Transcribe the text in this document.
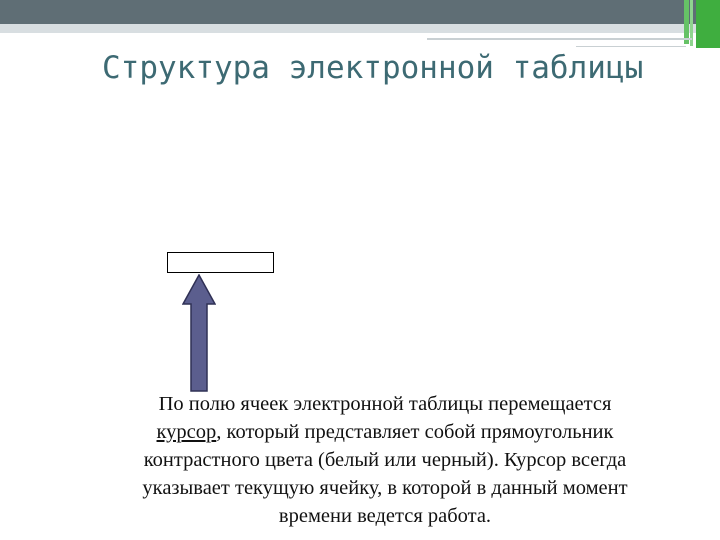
Структура электронной таблицы

По полю ячеек электронной таблицы перемещается
курсор, который представляет собой прямоугольник
контрастного цвета (белый или черный). Курсор всегда
указывает текущую ячейку, в которой в данный момент
времени ведется работа.
